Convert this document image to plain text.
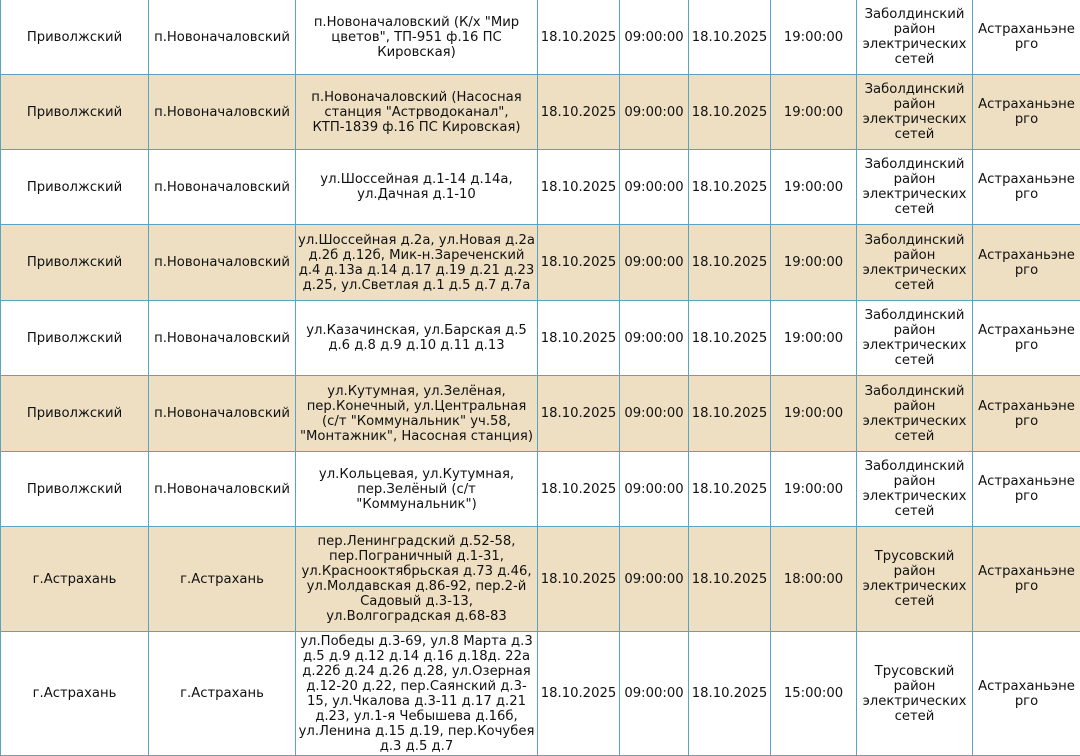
Приволжский	п.Новоначаловский	п.Новоначаловский (К/х "Мир цветов", ТП-951 ф.16 ПС Кировская)	18.10.2025	09:00:00	18.10.2025	19:00:00	Заболдинский район электрических сетей	Астраханьэнерго
Приволжский	п.Новоначаловский	п.Новоначаловский (Насосная станция "Астрводоканал", КТП-1839 ф.16 ПС Кировская)	18.10.2025	09:00:00	18.10.2025	19:00:00	Заболдинский район электрических сетей	Астраханьэнерго
Приволжский	п.Новоначаловский	ул.Шоссейная д.1-14 д.14а, ул.Дачная д.1-10	18.10.2025	09:00:00	18.10.2025	19:00:00	Заболдинский район электрических сетей	Астраханьэнерго
Приволжский	п.Новоначаловский	ул.Шоссейная д.2а, ул.Новая д.2а д.2б д.12б, Мик-н.Зареченский д.4 д.13а д.14 д.17 д.19 д.21 д.23 д.25, ул.Светлая д.1 д.5 д.7 д.7а	18.10.2025	09:00:00	18.10.2025	19:00:00	Заболдинский район электрических сетей	Астраханьэнерго
Приволжский	п.Новоначаловский	ул.Казачинская, ул.Барская д.5 д.6 д.8 д.9 д.10 д.11 д.13	18.10.2025	09:00:00	18.10.2025	19:00:00	Заболдинский район электрических сетей	Астраханьэнерго
Приволжский	п.Новоначаловский	ул.Кутумная, ул.Зелёная, пер.Конечный, ул.Центральная (с/т "Коммунальник" уч.58, "Монтажник", Насосная станция)	18.10.2025	09:00:00	18.10.2025	19:00:00	Заболдинский район электрических сетей	Астраханьэнерго
Приволжский	п.Новоначаловский	ул.Кольцевая, ул.Кутумная, пер.Зелёный (с/т "Коммунальник")	18.10.2025	09:00:00	18.10.2025	19:00:00	Заболдинский район электрических сетей	Астраханьэнерго
г.Астрахань	г.Астрахань	пер.Ленинградский д.52-58, пер.Пограничный д.1-31, ул.Краснооктябрьская д.73 д.46, ул.Молдавская д.86-92, пер.2-й Садовый д.3-13, ул.Волгоградская д.68-83	18.10.2025	09:00:00	18.10.2025	18:00:00	Трусовский район электрических сетей	Астраханьэнерго
г.Астрахань	г.Астрахань	ул.Победы д.3-69, ул.8 Марта д.3 д.5 д.9 д.12 д.14 д.16 д.18д. 22а д.22б д.24 д.26 д.28, ул.Озерная д.12-20 д.22, пер.Саянский д.3-15, ул.Чкалова д.3-11 д.17 д.21 д.23, ул.1-я Чебышева д.16б, ул.Ленина д.15 д.19, пер.Кочубея д.3 д.5 д.7	18.10.2025	09:00:00	18.10.2025	15:00:00	Трусовский район электрических сетей	Астраханьэнерго
